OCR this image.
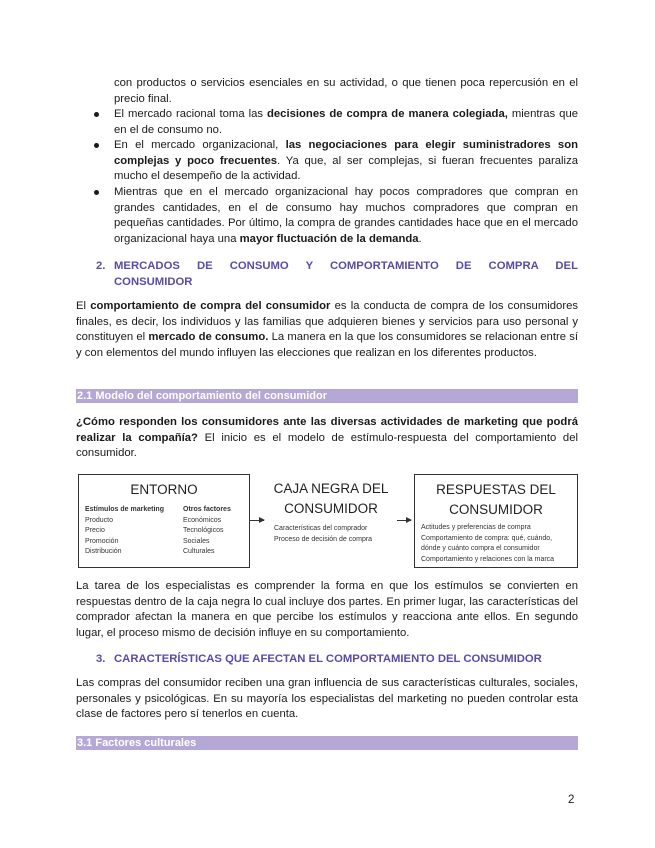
con productos o servicios esenciales en su actividad, o que tienen poca repercusión en el precio final.
El mercado racional toma las decisiones de compra de manera colegiada, mientras que en el de consumo no.
En el mercado organizacional, las negociaciones para elegir suministradores son complejas y poco frecuentes. Ya que, al ser complejas, si fueran frecuentes paraliza mucho el desempeño de la actividad.
Mientras que en el mercado organizacional hay pocos compradores que compran en grandes cantidades, en el de consumo hay muchos compradores que compran en pequeñas cantidades. Por último, la compra de grandes cantidades hace que en el mercado organizacional haya una mayor fluctuación de la demanda.
2. MERCADOS DE CONSUMO Y COMPORTAMIENTO DE COMPRA DEL CONSUMIDOR
El comportamiento de compra del consumidor es la conducta de compra de los consumidores finales, es decir, los individuos y las familias que adquieren bienes y servicios para uso personal y constituyen el mercado de consumo. La manera en la que los consumidores se relacionan entre sí y con elementos del mundo influyen las elecciones que realizan en los diferentes productos.
2.1 Modelo del comportamiento del consumidor
¿Cómo responden los consumidores ante las diversas actividades de marketing que podrá realizar la compañía? El inicio es el modelo de estímulo-respuesta del comportamiento del consumidor.
ENTORNO
Estímulos de marketing
Producto
Precio
Promoción
Distribución
Otros factores
Económicos
Tecnológicos
Sociales
Culturales
CAJA NEGRA DEL
CONSUMIDOR
Características del comprador
Proceso de decisión de compra
RESPUESTAS DEL
CONSUMIDOR
Actitudes y preferencias de compra
Comportamiento de compra: qué, cuándo,
dónde y cuánto compra el consumidor
Comportamiento y relaciones con la marca
La tarea de los especialistas es comprender la forma en que los estímulos se convierten en respuestas dentro de la caja negra lo cual incluye dos partes. En primer lugar, las características del comprador afectan la manera en que percibe los estímulos y reacciona ante ellos. En segundo lugar, el proceso mismo de decisión influye en su comportamiento.
3. CARACTERÍSTICAS QUE AFECTAN EL COMPORTAMIENTO DEL CONSUMIDOR
Las compras del consumidor reciben una gran influencia de sus características culturales, sociales, personales y psicológicas. En su mayoría los especialistas del marketing no pueden controlar esta clase de factores pero sí tenerlos en cuenta.
3.1 Factores culturales
2
